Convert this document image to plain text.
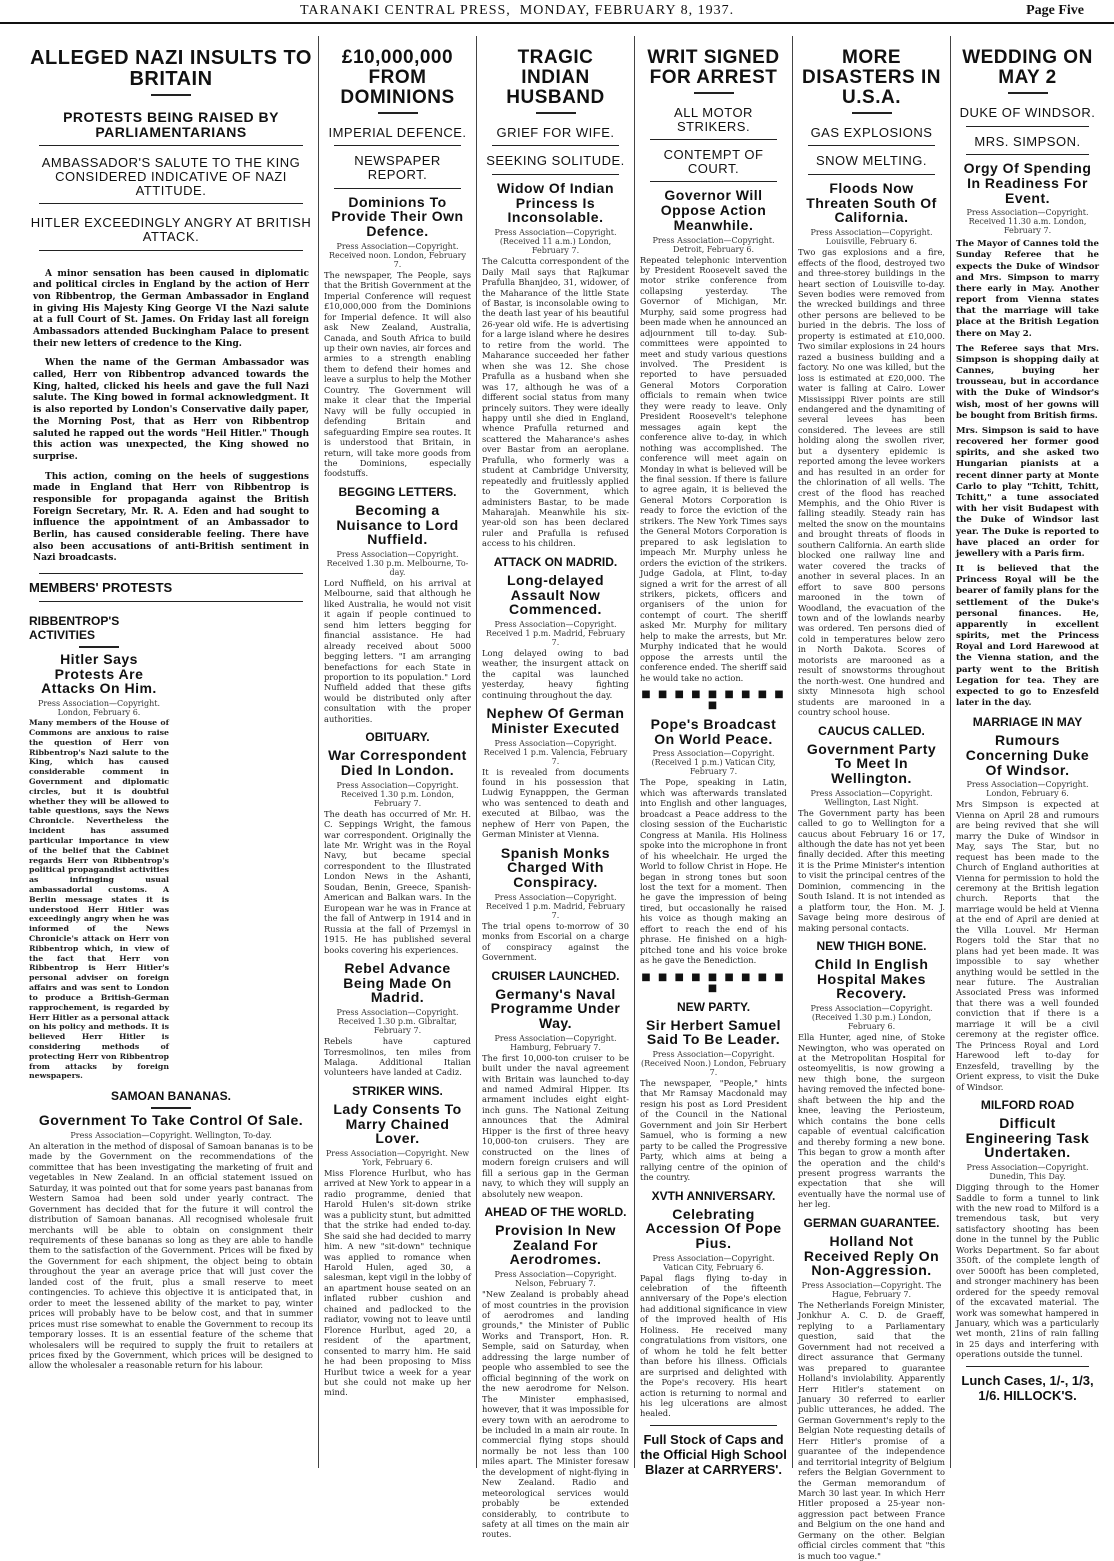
TARANAKI CENTRAL PRESS, MONDAY, FEBRUARY 8, 1937.	Page Five
ALLEGED NAZI INSULTS TO BRITAIN
PROTESTS BEING RAISED BY PARLIAMENTARIANS
AMBASSADOR'S SALUTE TO THE KING CONSIDERED INDICATIVE OF NAZI ATTITUDE.
HITLER EXCEEDINGLY ANGRY AT BRITISH ATTACK.

A minor sensation has been caused in diplomatic and political circles in England by the action of Herr von Ribbentrop, the German Ambassador in England in giving His Majesty King George VI the Nazi salute at a full Court of St. James. On Friday last all foreign Ambassadors attended Buckingham Palace to present their new letters of credence to the King.

When the name of the German Ambassador was called, Herr von Ribbentrop advanced towards the King, halted, clicked his heels and gave the full Nazi salute. The King bowed in formal acknowledgment. It is also reported by London's Conservative daily paper, the Morning Post, that as Herr von Ribbentrop saluted he rapped out the words "Heil Hitler." Though this action was unexpected, the King showed no surprise.

This action, coming on the heels of suggestions made in England that Herr von Ribbentrop is responsible for propaganda against the British Foreign Secretary, Mr. R. A. Eden and had sought to influence the appointment of an Ambassador to Berlin, has caused considerable feeling. There have also been accusations of anti-British sentiment in Nazi broadcasts.

MEMBERS' PROTESTS
RIBBENTROP'S ACTIVITIES
Hitler Says Protests Are Attacks On Him.
Press Association—Copyright. London, February 6.
Many members of the House of Commons are anxious to raise the question of Herr von Ribbentrop's Nazi salute to the King, which has caused considerable comment in Government and diplomatic circles, but it is doubtful whether they will be allowed to table questions, says the News Chronicle. Nevertheless the incident has assumed particular importance in view of the belief that the Cabinet regards Herr von Ribbentrop's political propagandist activities as infringing usual ambassadorial customs. A Berlin message states it is understood Herr Hitler was exceedingly angry when he was informed of the News Chronicle's attack on Herr von Ribbentrop which, in view of the fact that Herr von Ribbentrop is Herr Hitler's personal adviser on foreign affairs and was sent to London to produce a British-German rapprochement, is regarded by Herr Hitler as a personal attack on his policy and methods. It is believed Herr Hitler is considering methods of protecting Herr von Ribbentrop from attacks by foreign newspapers.
SAMOAN BANANAS.
Government To Take Control Of Sale.
Press Association—Copyright. Wellington, To-day.
An alteration in the method of disposal of Samoan bananas is to be made by the Government on the recommendations of the committee that has been investigating the marketing of fruit and vegetables in New Zealand. In an official statement issued on Saturday, it was pointed out that for some years past bananas from Western Samoa had been sold under yearly contract. The Government has decided that for the future it will control the distribution of Samoan bananas. All recognised wholesale fruit merchants will be able to obtain on consignment their requirements of these bananas so long as they are able to handle them to the satisfaction of the Government. Prices will be fixed by the Government for each shipment, the object being to obtain throughout the year an average price that will just cover the landed cost of the fruit, plus a small reserve to meet contingencies. To achieve this objective it is anticipated that, in order to meet the lessened ability of the market to pay, winter prices will probably have to be below cost, and that in summer prices must rise somewhat to enable the Government to recoup its temporary losses. It is an essential feature of the scheme that wholesalers will be required to supply the fruit to retailers at prices fixed by the Government, which prices will be designed to allow the wholesaler a reasonable return for his labour.
£10,000,000 FROM DOMINIONS
IMPERIAL DEFENCE.
NEWSPAPER REPORT.
Dominions To Provide Their Own Defence.
Press Association—Copyright. Received noon. London, February 7.
The newspaper, The People, says that the British Government at the Imperial Conference will request £10,000,000 from the Dominions for Imperial defence. It will also ask New Zealand, Australia, Canada, and South Africa to build up their own navies, air forces and armies to a strength enabling them to defend their homes and leave a surplus to help the Mother Country. The Government will make it clear that the Imperial Navy will be fully occupied in defending Britain and safeguarding Empire sea routes. It is understood that Britain, in return, will take more goods from the Dominions, especially foodstuffs.
BEGGING LETTERS.
Becoming a Nuisance to Lord Nuffield.
Press Association—Copyright. Received 1.30 p.m. Melbourne, To-day.
Lord Nuffield, on his arrival at Melbourne, said that although he liked Australia, he would not visit it again if people continued to send him letters begging for financial assistance. He had already received about 5000 begging letters. "I am arranging benefactions for each State in proportion to its population." Lord Nuffield added that these gifts would be distributed only after consultation with the proper authorities.
OBITUARY.
War Correspondent Died In London.
Press Association—Copyright. Received 1.30 p.m. London, February 7.
The death has occurred of Mr. H. C. Seppings Wright, the famous war correspondent. Originally the late Mr. Wright was in the Royal Navy, but became special correspondent to the Illustrated London News in the Ashanti, Soudan, Benin, Greece, Spanish-American and Balkan wars. In the European war he was in France at the fall of Antwerp in 1914 and in Russia at the fall of Przemysl in 1915. He has published several books covering his experiences.
Rebel Advance Being Made On Madrid.
Press Association—Copyright. Received 1.30 p.m. Gibraltar, February 7.
Rebels have captured Torresmolinos, ten miles from Malaga. Additional Italian volunteers have landed at Cadiz.
STRIKER WINS.
Lady Consents To Marry Chained Lover.
Press Association—Copyright. New York, February 6.
Miss Florence Hurlbut, who has arrived at New York to appear in a radio programme, denied that Harold Hulen's sit-down strike was a publicity stunt, but admitted that the strike had ended to-day. She said she had decided to marry him. A new "sit-down" technique was applied to romance when Harold Hulen, aged 30, a salesman, kept vigil in the lobby of an apartment house seated on an inflated rubber cushion and chained and padlocked to the radiator, vowing not to leave until Florence Hurlbut, aged 20, a resident of the apartment, consented to marry him. He said he had been proposing to Miss Hurlbut twice a week for a year but she could not make up her mind.
TRAGIC INDIAN HUSBAND
GRIEF FOR WIFE.
SEEKING SOLITUDE.
Widow Of Indian Princess Is Inconsolable.
Press Association—Copyright. (Received 11 a.m.) London, February 7.
The Calcutta correspondent of the Daily Mail says that Rajkumar Prafulla Bhanjdeo, 31, widower, of the Maharance of the little State of Bastar, is inconsolable owing to the death last year of his beautiful 26-year old wife. He is advertising for a large island where he desires to retire from the world. The Maharance succeeded her father when she was 12. She chose Prafulla as a husband when she was 17, although he was of a different social status from many princely suitors. They were ideally happy until she died in England, whence Prafulla returned and scattered the Maharance's ashes over Bastar from an aeroplane. Prafulla, who formerly was a student at Cambridge University, repeatedly and fruitlessly applied to the Government, which administers Bastar, to be made Maharajah. Meanwhile his six-year-old son has been declared ruler and Prafulla is refused access to his children.
ATTACK ON MADRID.
Long-delayed Assault Now Commenced.
Press Association—Copyright. Received 1 p.m. Madrid, February 7.
Long delayed owing to bad weather, the insurgent attack on the capital was launched yesterday, heavy fighting continuing throughout the day.
Nephew Of German Minister Executed
Press Association—Copyright. Received 1 p.m. Valencia, February 7.
It is revealed from documents found in his possession that Ludwig Eynapppen, the German who was sentenced to death and executed at Bilbao, was the nephew of Herr von Papen, the German Minister at Vienna.
Spanish Monks Charged With Conspiracy.
Press Association—Copyright. Received 1 p.m. Madrid, February 7.
The trial opens to-morrow of 30 monks from Escorial on a charge of conspiracy against the Government.
CRUISER LAUNCHED.
Germany's Naval Programme Under Way.
Press Association—Copyright. Hamburg, February 7.
The first 10,000-ton cruiser to be built under the naval agreement with Britain was launched to-day and named Admiral Hipper. Its armament includes eight eight-inch guns. The National Zeitung announces that the Admiral Hipper is the first of three heavy 10,000-ton cruisers. They are constructed on the lines of modern foreign cruisers and will fill a serious gap in the German navy, to which they will supply an absolutely new weapon.
AHEAD OF THE WORLD.
Provision In New Zealand For Aerodromes.
Press Association—Copyright. Nelson, February 7.
"New Zealand is probably ahead of most countries in the provision of aerodromes and landing grounds," the Minister of Public Works and Transport, Hon. R. Semple, said on Saturday, when addressing the large number of people who assembled to see the official beginning of the work on the new aerodrome for Nelson. The Minister emphasised, however, that it was impossible for every town with an aerodrome to be included in a main air route. In commercial flying stops should normally be not less than 100 miles apart. The Minister foresaw the development of night-flying in New Zealand. Radio and meteorological services would probably be extended considerably, to contribute to safety at all times on the main air routes.
WRIT SIGNED FOR ARREST
ALL MOTOR STRIKERS.
CONTEMPT OF COURT.
Governor Will Oppose Action Meanwhile.
Press Association—Copyright. Detroit, February 6.
Repeated telephonic intervention by President Roosevelt saved the motor strike conference from collapsing yesterday. The Governor of Michigan, Mr. Murphy, said some progress had been made when he announced an adjournment till to-day. Sub-committees were appointed to meet and study various questions involved. The President is reported to have persuaded General Motors Corporation officials to remain when twice they were ready to leave. Only President Roosevelt's telephone messages again kept the conference alive to-day, in which nothing was accomplished. The conference will meet again on Monday in what is believed will be the final session. If there is failure to agree again, it is believed the General Motors Corporation is ready to force the eviction of the strikers. The New York Times says the General Motors Corporation is prepared to ask legislation to impeach Mr. Murphy unless he orders the eviction of the strikers. Judge Gadola, at Flint, to-day signed a writ for the arrest of all strikers, pickets, officers and organisers of the union for contempt of court. The sheriff asked Mr. Murphy for military help to make the arrests, but Mr. Murphy indicated that he would oppose the arrests until the conference ended. The sheriff said he would take no action.
■ ■ ■ ■ ■ ■ ■ ■ ■ ■
Pope's Broadcast On World Peace.
Press Association—Copyright. (Received 1 p.m.) Vatican City, February 7.
The Pope, speaking in Latin, which was afterwards translated into English and other languages, broadcast a Peace address to the closing session of the Eucharistic Congress at Manila. His Holiness spoke into the microphone in front of his wheelchair. He urged the World to follow Christ in Hope. He began in strong tones but soon lost the text for a moment. Then he gave the impression of being tired, but occasionally he raised his voice as though making an effort to reach the end of his phrase. He finished on a high-pitched tone and his voice broke as he gave the Benediction.
■ ■ ■ ■ ■ ■ ■ ■ ■ ■
NEW PARTY.
Sir Herbert Samuel Said To Be Leader.
Press Association—Copyright. (Received Noon.) London, February 7.
The newspaper, "People," hints that Mr Ramsay Macdonald may resign his post as Lord President of the Council in the National Government and join Sir Herbert Samuel, who is forming a new party to be called the Progressive Party, which aims at being a rallying centre of the opinion of the country.
XVTH ANNIVERSARY.
Celebrating Accession Of Pope Pius.
Press Association—Copyright. Vatican City, February 6.
Papal flags flying to-day in celebration of the fifteenth anniversary of the Pope's election had additional significance in view of the improved health of His Holiness. He received many congratulations from visitors, one of whom he told he felt better than before his illness. Officials are surprised and delighted with the Pope's recovery. His heart action is returning to normal and his leg ulcerations are almost healed.
Full Stock of Caps and the Official High School Blazer at CARRYERS'.
MORE DISASTERS IN U.S.A.
GAS EXPLOSIONS
SNOW MELTING.
Floods Now Threaten South Of California.
Press Association—Copyright. Louisville, February 6.
Two gas explosions and a fire, effects of the flood, destroyed two and three-storey buildings in the heart section of Louisville to-day. Seven bodies were removed from the wrecked buildings and three other persons are believed to be buried in the debris. The loss of property is estimated at £10,000. Two similar explosions in 24 hours razed a business building and a factory. No one was killed, but the loss is estimated at £20,000. The water is falling at Cairo. Lower Mississippi River points are still endangered and the dynamiting of several levees has been considered. The levees are still holding along the swollen river, but a dysentery epidemic is reported among the levee workers and has resulted in an order for the chlorination of all wells. The crest of the flood has reached Memphis, and the Ohio River is falling steadily. Steady rain has melted the snow on the mountains and brought threats of floods in southern California. An earth slide blocked one railway line and water covered the tracks of another in several places. In an effort to save 800 persons marooned in the town of Woodland, the evacuation of the town and of the lowlands nearby was ordered. Ten persons died of cold in temperatures below zero in North Dakota. Scores of motorists are marooned as a result of snowstorms throughout the north-west. One hundred and sixty Minnesota high school students are marooned in a country school house.
CAUCUS CALLED.
Government Party To Meet In Wellington.
Press Association—Copyright. Wellington, Last Night.
The Government party has been called to go to Wellington for a caucus about February 16 or 17, although the date has not yet been finally decided. After this meeting it is the Prime Minister's intention to visit the principal centres of the Dominion, commencing in the South Island. It is not intended as a platform tour, the Hon. M. J. Savage being more desirous of making personal contacts.
NEW THIGH BONE.
Child In English Hospital Makes Recovery.
Press Association—Copyright. (Received 1.30 p.m.) London, February 6.
Ella Hunter, aged nine, of Stoke Newington, who was operated on at the Metropolitan Hospital for osteomyelitis, is now growing a new thigh bone, the surgeon having removed the infected bone-shaft between the hip and the knee, leaving the Periosteum, which contains the bone cells capable of eventual calcification and thereby forming a new bone. This began to grow a month after the operation and the child's present progress warrants the expectation that she will eventually have the normal use of her leg.
GERMAN GUARANTEE.
Holland Not Received Reply On Non-Aggression.
Press Association—Copyright. The Hague, February 7.
The Netherlands Foreign Minister, Jonkhur A. C. D. de Graeff, replying to a Parliamentary question, said that the Government had not received a direct assurance that Germany was prepared to guarantee Holland's inviolability. Apparently Herr Hitler's statement on January 30 referred to earlier public utterances, he added. The German Government's reply to the Belgian Note requesting details of Herr Hitler's promise of a guarantee of the independence and territorial integrity of Belgium refers the Belgian Government to the German memorandum of March 30 last year. In which Herr Hitler proposed a 25-year non-aggression pact between France and Belgium on the one hand and Germany on the other. Belgian official circles comment that "this is much too vague."
WEDDING ON MAY 2
DUKE OF WINDSOR.
MRS. SIMPSON.
Orgy Of Spending In Readiness For Event.
Press Association—Copyright. Received 11.30 a.m. London, February 7.

The Mayor of Cannes told the Sunday Referee that he expects the Duke of Windsor and Mrs. Simpson to marry there early in May. Another report from Vienna states that the marriage will take place at the British Legation there on May 2.

The Referee says that Mrs. Simpson is shopping daily at Cannes, buying her trousseau, but in accordance with the Duke of Windsor's wish, most of her gowns will be bought from British firms.

Mrs. Simpson is said to have recovered her former good spirits, and she asked two Hungarian pianists at a recent dinner party at Monte Carlo to play "Tchitt, Tchitt, Tchitt," a tune associated with her visit Budapest with the Duke of Windsor last year. The Duke is reported to have placed an order for jewellery with a Paris firm.

It is believed that the Princess Royal will be the bearer of family plans for the settlement of the Duke's personal finances. He, apparently in excellent spirits, met the Princess Royal and Lord Harewood at the Vienna station, and the party went to the British Legation for tea. They are expected to go to Enzesfeld later in the day.

MARRIAGE IN MAY
Rumours Concerning Duke Of Windsor.
Press Association—Copyright. London, February 6.
Mrs Simpson is expected at Vienna on April 28 and rumours are being revived that she will marry the Duke of Windsor in May, says The Star, but no request has been made to the Church of England authorities at Vienna for permission to hold the ceremony at the British legation church. Reports that the marriage would be held at Vienna at the end of April are denied at the Villa Louvel. Mr Herman Rogers told the Star that no plans had yet been made. It was impossible to say whether anything would be settled in the near future. The Australian Associated Press was informed that there was a well founded conviction that if there is a marriage it will be a civil ceremony at the register office. The Princess Royal and Lord Harewood left to-day for Enzesfeld, travelling by the Orient express, to visit the Duke of Windsor.
MILFORD ROAD
Difficult Engineering Task Undertaken.
Press Association—Copyright. Dunedin, This Day.
Digging through to the Homer Saddle to form a tunnel to link with the new road to Milford is a tremendous task, but very satisfactory shooting has been done in the tunnel by the Public Works Department. So far about 350ft. of the complete length of over 5000ft has been completed, and stronger machinery has been ordered for the speedy removal of the excavated material. The work was somewhat hampered in January, which was a particularly wet month, 21ins of rain falling in 25 days and interfering with operations outside the tunnel.
Lunch Cases, 1/-, 1/3, 1/6. HILLOCK'S.
